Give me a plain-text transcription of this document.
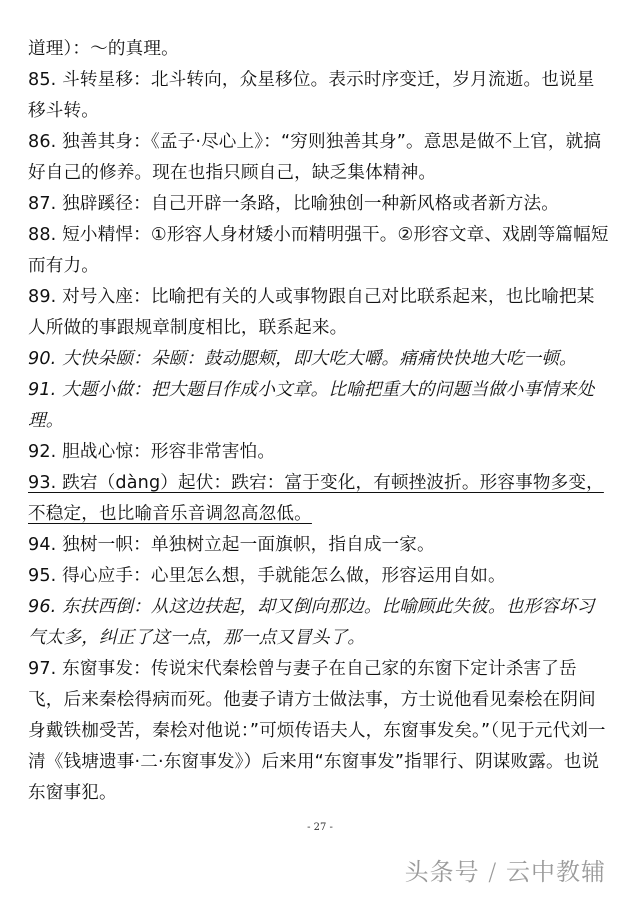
道理）：～的真理。

85. 斗转星移：北斗转向，众星移位。表示时序变迁，岁月流逝。也说星移斗转。

86. 独善其身：《孟子·尽心上》：“穷则独善其身”。意思是做不上官，就搞好自己的修养。现在也指只顾自己，缺乏集体精神。

87. 独辟蹊径：自己开辟一条路，比喻独创一种新风格或者新方法。

88. 短小精悍：①形容人身材矮小而精明强干。②形容文章、戏剧等篇幅短而有力。

89. 对号入座：比喻把有关的人或事物跟自己对比联系起来，也比喻把某人所做的事跟规章制度相比，联系起来。

90. 大快朵颐：朵颐：鼓动腮颊，即大吃大嚼。痛痛快快地大吃一顿。

91. 大题小做：把大题目作成小文章。比喻把重大的问题当做小事情来处理。

92. 胆战心惊：形容非常害怕。

93. 跌宕（dàng）起伏：跌宕：富于变化，有顿挫波折。形容事物多变，不稳定，也比喻音乐音调忽高忽低。

94. 独树一帜：单独树立起一面旗帜，指自成一家。

95. 得心应手：心里怎么想，手就能怎么做，形容运用自如。

96. 东扶西倒：从这边扶起，却又倒向那边。比喻顾此失彼。也形容坏习气太多，纠正了这一点，那一点又冒头了。

97. 东窗事发：传说宋代秦桧曾与妻子在自己家的东窗下定计杀害了岳飞，后来秦桧得病而死。他妻子请方士做法事，方士说他看见秦桧在阴间身戴铁枷受苦，秦桧对他说：”可烦传语夫人，东窗事发矣。”（见于元代刘一清《钱塘遗事·二·东窗事发》）后来用“东窗事发”指罪行、阴谋败露。也说东窗事犯。

- 27 -
头条号 / 云中教辅
